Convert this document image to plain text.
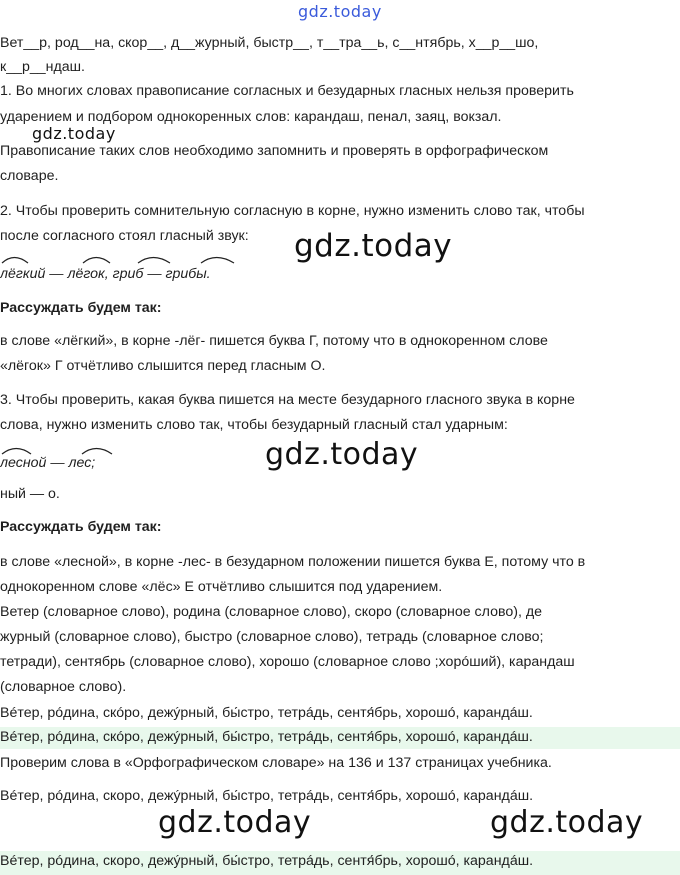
gdz.today
gdz.today
gdz.today
gdz.today
gdz.today	gdz.today
Вет__р, род__на, скор__, д__журный, быстр__, т__тра__ь, с__нтябрь, х__р__шо,
к__р__ндаш.
1. Во многих словах правописание согласных и безударных гласных нельзя проверить
ударением и подбором однокоренных слов: карандаш, пенал, заяц, вокзал.
Правописание таких слов необходимо запомнить и проверять в орфографическом
словаре.
2. Чтобы проверить сомнительную согласную в корне, нужно изменить слово так, чтобы
после согласного стоял гласный звук:
лёгкий — лёгок, гриб — грибы.
Рассуждать будем так:
в слове «лёгкий», в корне -лёг- пишется буква Г, потому что в однокоренном слове
«лёгок» Г отчётливо слышится перед гласным О.
3. Чтобы проверить, какая буква пишется на месте безударного гласного звука в корне
слова, нужно изменить слово так, чтобы безударный гласный стал ударным:
лесной — лес;
ный — о.
Рассуждать будем так:
в слове «лесной», в корне -лес- в безударном положении пишется буква Е, потому что в
однокоренном слове «лёс» Е отчётливо слышится под ударением.
Ветер (словарное слово), родина (словарное слово), скоро (словарное слово), де
журный (словарное слово), быстро (словарное слово), тетрадь (словарное слово;
тетради), сентябрь (словарное слово), хорошо (словарное слово ;хорóший), карандаш
(словарное слово).
Вéтер, рóдина, скóро, дежýрный, бы́стро, тетрáдь, сентя́брь, хорошó, карандáш.
Вéтер, рóдина, скóро, дежýрный, бы́стро, тетрáдь, сентя́брь, хорошó, карандáш.
Проверим слова в «Орфографическом словаре» на 136 и 137 страницах учебника.
Вéтер, рóдина, скоро, дежýрный, бы́стро, тетрáдь, сентя́брь, хорошó, карандáш.
Вéтер, рóдина, скоро, дежýрный, бы́стро, тетрáдь, сентя́брь, хорошó, карандáш.
